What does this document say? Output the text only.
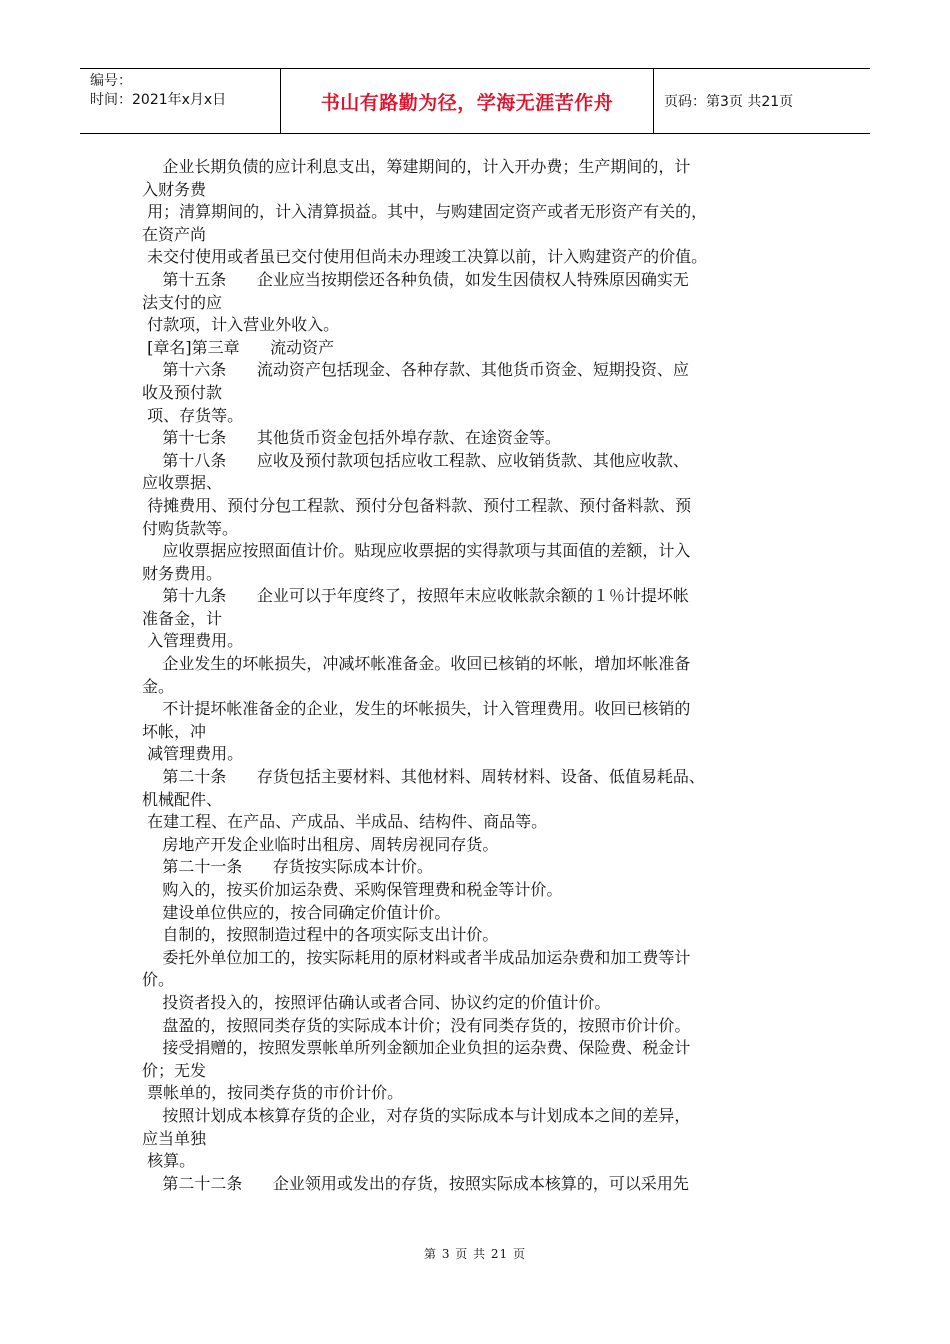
编号：
时间：2021年x月x日	书山有路勤为径，学海无涯苦作舟	页码：第3页 共21页
企业长期负债的应计利息支出，筹建期间的，计入开办费；生产期间的，计
入财务费
用；清算期间的，计入清算损益。其中，与购建固定资产或者无形资产有关的，
在资产尚
未交付使用或者虽已交付使用但尚未办理竣工决算以前，计入购建资产的价值。
第十五条      企业应当按期偿还各种负债，如发生因债权人特殊原因确实无
法支付的应
付款项，计入营业外收入。
[章名]第三章      流动资产
第十六条      流动资产包括现金、各种存款、其他货币资金、短期投资、应
收及预付款
项、存货等。
第十七条      其他货币资金包括外埠存款、在途资金等。
第十八条      应收及预付款项包括应收工程款、应收销货款、其他应收款、
应收票据、
待摊费用、预付分包工程款、预付分包备料款、预付工程款、预付备料款、预
付购货款等。
应收票据应按照面值计价。贴现应收票据的实得款项与其面值的差额，计入
财务费用。
第十九条      企业可以于年度终了，按照年末应收帐款余额的１％计提坏帐
准备金，计
入管理费用。
企业发生的坏帐损失，冲减坏帐准备金。收回已核销的坏帐，增加坏帐准备
金。
不计提坏帐准备金的企业，发生的坏帐损失，计入管理费用。收回已核销的
坏帐，冲
减管理费用。
第二十条      存货包括主要材料、其他材料、周转材料、设备、低值易耗品、
机械配件、
在建工程、在产品、产成品、半成品、结构件、商品等。
房地产开发企业临时出租房、周转房视同存货。
第二十一条      存货按实际成本计价。
购入的，按买价加运杂费、采购保管理费和税金等计价。
建设单位供应的，按合同确定价值计价。
自制的，按照制造过程中的各项实际支出计价。
委托外单位加工的，按实际耗用的原材料或者半成品加运杂费和加工费等计
价。
投资者投入的，按照评估确认或者合同、协议约定的价值计价。
盘盈的，按照同类存货的实际成本计价；没有同类存货的，按照市价计价。
接受捐赠的，按照发票帐单所列金额加企业负担的运杂费、保险费、税金计
价；无发
票帐单的，按同类存货的市价计价。
按照计划成本核算存货的企业，对存货的实际成本与计划成本之间的差异，
应当单独
核算。
第二十二条      企业领用或发出的存货，按照实际成本核算的，可以采用先
第 3 页 共 21 页
